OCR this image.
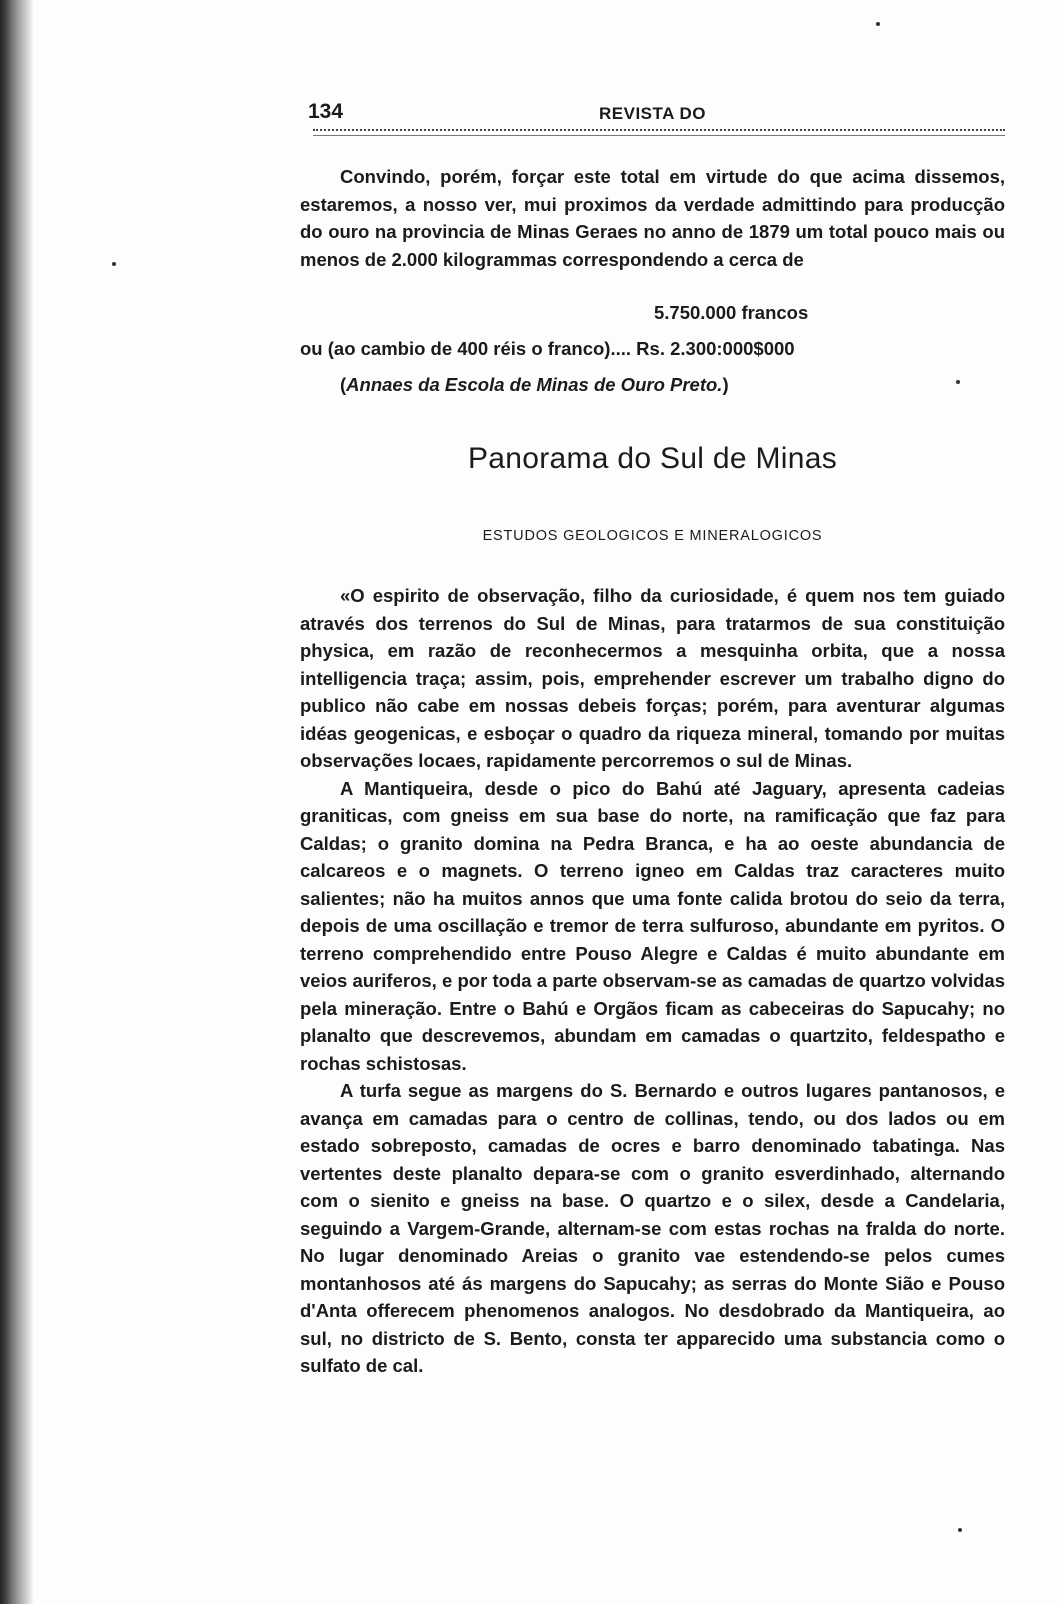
134	REVISTA DO

Convindo, porém, forçar este total em virtude do que acima dissemos, estaremos, a nosso ver, mui proximos da verdade admittindo para producção do ouro na provincia de Minas Geraes no anno de 1879 um total pouco mais ou menos de 2.000 kilogrammas correspondendo a cerca de

5.750.000 francos
ou (ao cambio de 400 réis o franco).... Rs. 2.300:000$000
(Annaes da Escola de Minas de Ouro Preto.)
Panorama do Sul de Minas
ESTUDOS GEOLOGICOS E MINERALOGICOS

«O espirito de observação, filho da curiosidade, é quem nos tem guiado através dos terrenos do Sul de Minas, para tratarmos de sua constituição physica, em razão de reconhecermos a mesquinha orbita, que a nossa intelligencia traça; assim, pois, emprehender escrever um trabalho digno do publico não cabe em nossas debeis forças; porém, para aventurar algumas idéas geogenicas, e esboçar o quadro da riqueza mineral, tomando por muitas observações locaes, rapidamente percorremos o sul de Minas.

A Mantiqueira, desde o pico do Bahú até Jaguary, apresenta cadeias graniticas, com gneiss em sua base do norte, na ramificação que faz para Caldas; o granito domina na Pedra Branca, e ha ao oeste abundancia de calcareos e o magnets. O terreno igneo em Caldas traz caracteres muito salientes; não ha muitos annos que uma fonte calida brotou do seio da terra, depois de uma oscillação e tremor de terra sulfuroso, abundante em pyritos. O terreno comprehendido entre Pouso Alegre e Caldas é muito abundante em veios auriferos, e por toda a parte observam-se as camadas de quartzo volvidas pela mineração. Entre o Bahú e Orgãos ficam as cabeceiras do Sapucahy; no planalto que descrevemos, abundam em camadas o quartzito, feldespatho e rochas schistosas.

A turfa segue as margens do S. Bernardo e outros lugares pantanosos, e avança em camadas para o centro de collinas, tendo, ou dos lados ou em estado sobreposto, camadas de ocres e barro denominado tabatinga. Nas vertentes deste planalto depara-se com o granito esverdinhado, alternando com o sienito e gneiss na base. O quartzo e o silex, desde a Candelaria, seguindo a Vargem-Grande, alternam-se com estas rochas na fralda do norte. No lugar denominado Areias o granito vae estendendo-se pelos cumes montanhosos até ás margens do Sapucahy; as serras do Monte Sião e Pouso d'Anta offerecem phenomenos analogos. No desdobrado da Mantiqueira, ao sul, no districto de S. Bento, consta ter apparecido uma substancia como o sulfato de cal.
